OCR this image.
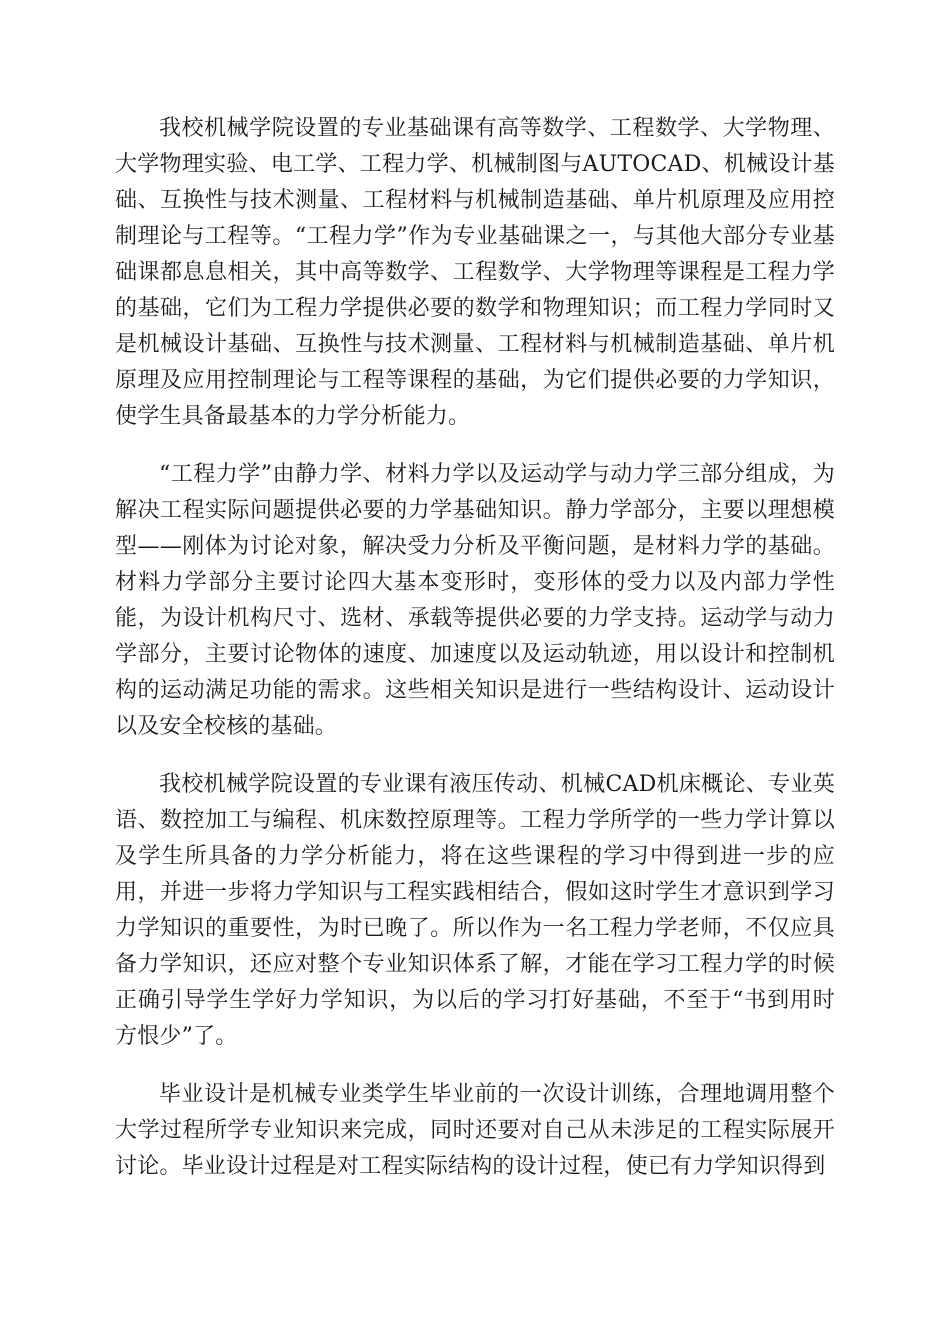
我校机械学院设置的专业基础课有高等数学、工程数学、大学物理、大学物理实验、电工学、工程力学、机械制图与AUTOCAD、机械设计基础、互换性与技术测量、工程材料与机械制造基础、单片机原理及应用控制理论与工程等。“工程力学”作为专业基础课之一，与其他大部分专业基础课都息息相关，其中高等数学、工程数学、大学物理等课程是工程力学的基础，它们为工程力学提供必要的数学和物理知识；而工程力学同时又是机械设计基础、互换性与技术测量、工程材料与机械制造基础、单片机原理及应用控制理论与工程等课程的基础，为它们提供必要的力学知识，使学生具备最基本的力学分析能力。

“工程力学”由静力学、材料力学以及运动学与动力学三部分组成，为解决工程实际问题提供必要的力学基础知识。静力学部分，主要以理想模型——刚体为讨论对象，解决受力分析及平衡问题，是材料力学的基础。材料力学部分主要讨论四大基本变形时，变形体的受力以及内部力学性能，为设计机构尺寸、选材、承载等提供必要的力学支持。运动学与动力学部分，主要讨论物体的速度、加速度以及运动轨迹，用以设计和控制机构的运动满足功能的需求。这些相关知识是进行一些结构设计、运动设计以及安全校核的基础。

我校机械学院设置的专业课有液压传动、机械CAD机床概论、专业英语、数控加工与编程、机床数控原理等。工程力学所学的一些力学计算以及学生所具备的力学分析能力，将在这些课程的学习中得到进一步的应用，并进一步将力学知识与工程实践相结合，假如这时学生才意识到学习力学知识的重要性，为时已晚了。所以作为一名工程力学老师，不仅应具备力学知识，还应对整个专业知识体系了解，才能在学习工程力学的时候正确引导学生学好力学知识，为以后的学习打好基础，不至于“书到用时方恨少”了。

毕业设计是机械专业类学生毕业前的一次设计训练，合理地调用整个大学过程所学专业知识来完成，同时还要对自己从未涉足的工程实际展开讨论。毕业设计过程是对工程实际结构的设计过程，使已有力学知识得到
